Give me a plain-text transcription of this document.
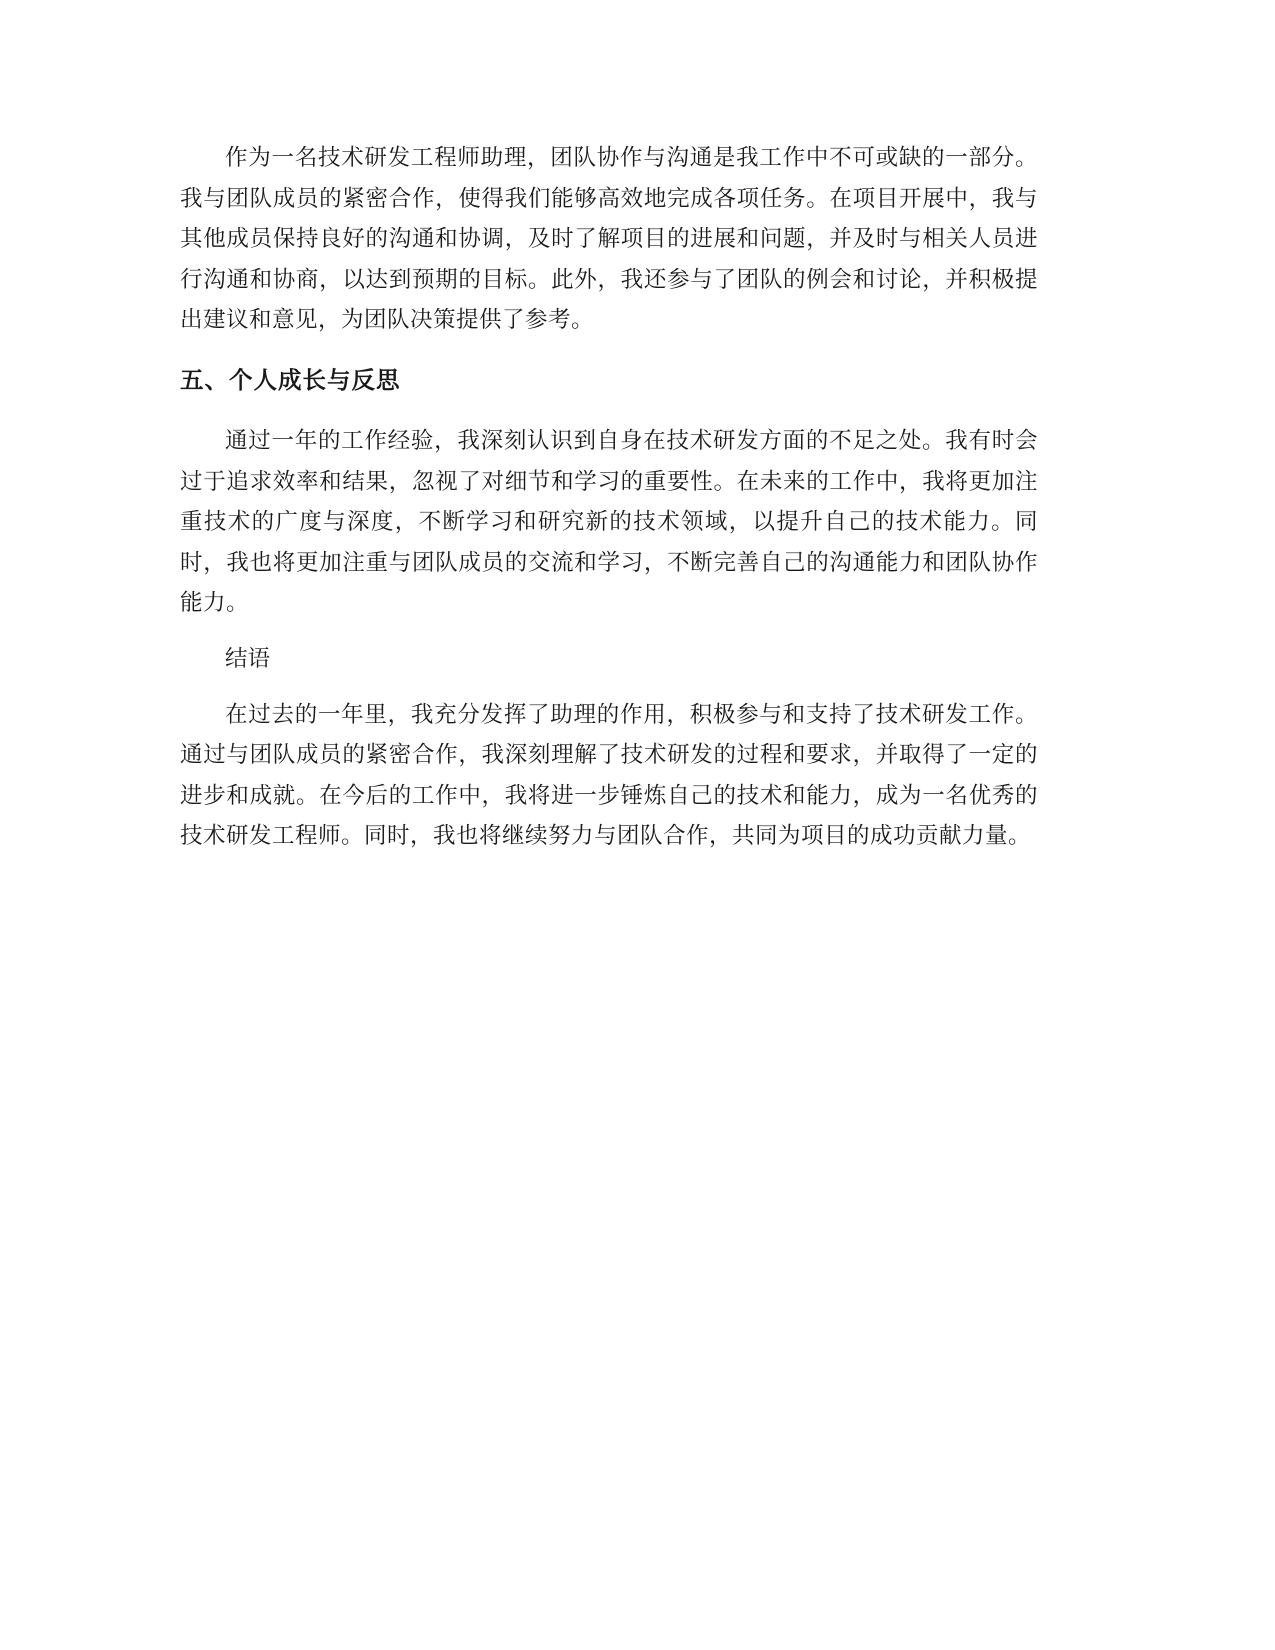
作为一名技术研发工程师助理，团队协作与沟通是我工作中不可或缺的一部分。我与团队成员的紧密合作，使得我们能够高效地完成各项任务。在项目开展中，我与其他成员保持良好的沟通和协调，及时了解项目的进展和问题，并及时与相关人员进行沟通和协商，以达到预期的目标。此外，我还参与了团队的例会和讨论，并积极提出建议和意见，为团队决策提供了参考。

五、个人成长与反思

通过一年的工作经验，我深刻认识到自身在技术研发方面的不足之处。我有时会过于追求效率和结果，忽视了对细节和学习的重要性。在未来的工作中，我将更加注重技术的广度与深度，不断学习和研究新的技术领域，以提升自己的技术能力。同时，我也将更加注重与团队成员的交流和学习，不断完善自己的沟通能力和团队协作能力。

结语

在过去的一年里，我充分发挥了助理的作用，积极参与和支持了技术研发工作。通过与团队成员的紧密合作，我深刻理解了技术研发的过程和要求，并取得了一定的进步和成就。在今后的工作中，我将进一步锤炼自己的技术和能力，成为一名优秀的技术研发工程师。同时，我也将继续努力与团队合作，共同为项目的成功贡献力量。
